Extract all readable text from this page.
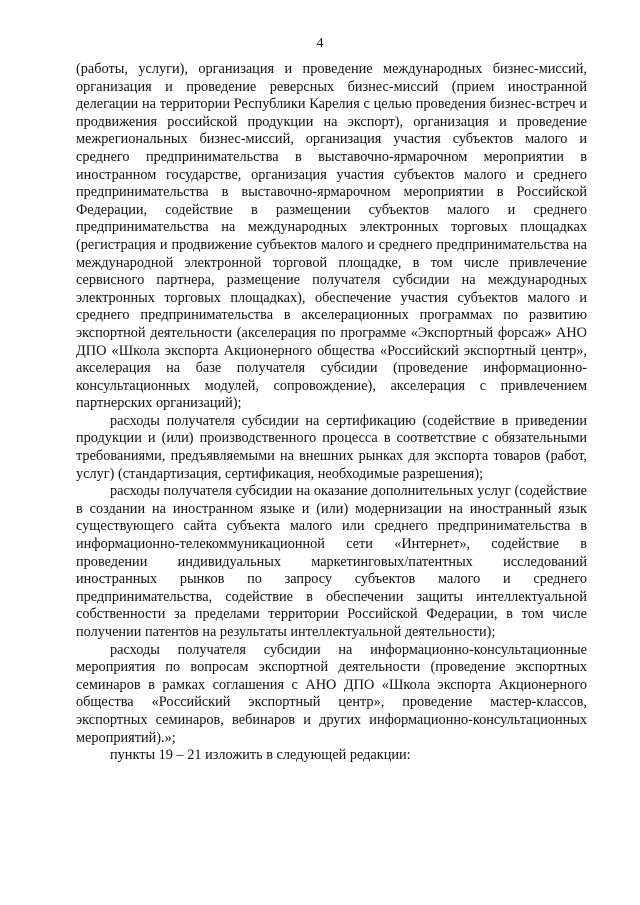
4

(работы, услуги), организация и проведение международных бизнес-миссий, организация и проведение реверсных бизнес-миссий (прием иностранной делегации на территории Республики Карелия с целью проведения бизнес-встреч и продвижения российской продукции на экспорт), организация и проведение межрегиональных бизнес-миссий, организация участия субъектов малого и среднего предпринимательства в выставочно-ярмарочном мероприятии в иностранном государстве, организация участия субъектов малого и среднего предпринимательства в выставочно-ярмарочном мероприятии в Российской Федерации, содействие в размещении субъектов малого и среднего предпринимательства на международных электронных торговых площадках (регистрация и продвижение субъектов малого и среднего предпринимательства на международной электронной торговой площадке, в том числе привлечение сервисного партнера, размещение получателя субсидии на международных электронных торговых площадках), обеспечение участия субъектов малого и среднего предпринимательства в акселерационных программах по развитию экспортной деятельности (акселерация по программе «Экспортный форсаж» АНО ДПО «Школа экспорта Акционерного общества «Российский экспортный центр», акселерация на базе получателя субсидии (проведение информационно-консультационных модулей, сопровождение), акселерация с привлечением партнерских организаций);

расходы получателя субсидии на сертификацию (содействие в приведении продукции и (или) производственного процесса в соответствие с обязательными требованиями, предъявляемыми на внешних рынках для экспорта товаров (работ, услуг) (стандартизация, сертификация, необходимые разрешения);

расходы получателя субсидии на оказание дополнительных услуг (содействие в создании на иностранном языке и (или) модернизации на иностранный язык существующего сайта субъекта малого или среднего предпринимательства в информационно-телекоммуникационной сети «Интернет», содействие в проведении индивидуальных маркетинговых/патентных исследований иностранных рынков по запросу субъектов малого и среднего предпринимательства, содействие в обеспечении защиты интеллектуальной собственности за пределами территории Российской Федерации, в том числе получении патентов на результаты интеллектуальной деятельности);

расходы получателя субсидии на информационно-консультационные мероприятия по вопросам экспортной деятельности (проведение экспортных семинаров в рамках соглашения с АНО ДПО «Школа экспорта Акционерного общества «Российский экспортный центр», проведение мастер-классов, экспортных семинаров, вебинаров и других информационно-консультационных мероприятий).»;

пункты 19 – 21 изложить в следующей редакции:
